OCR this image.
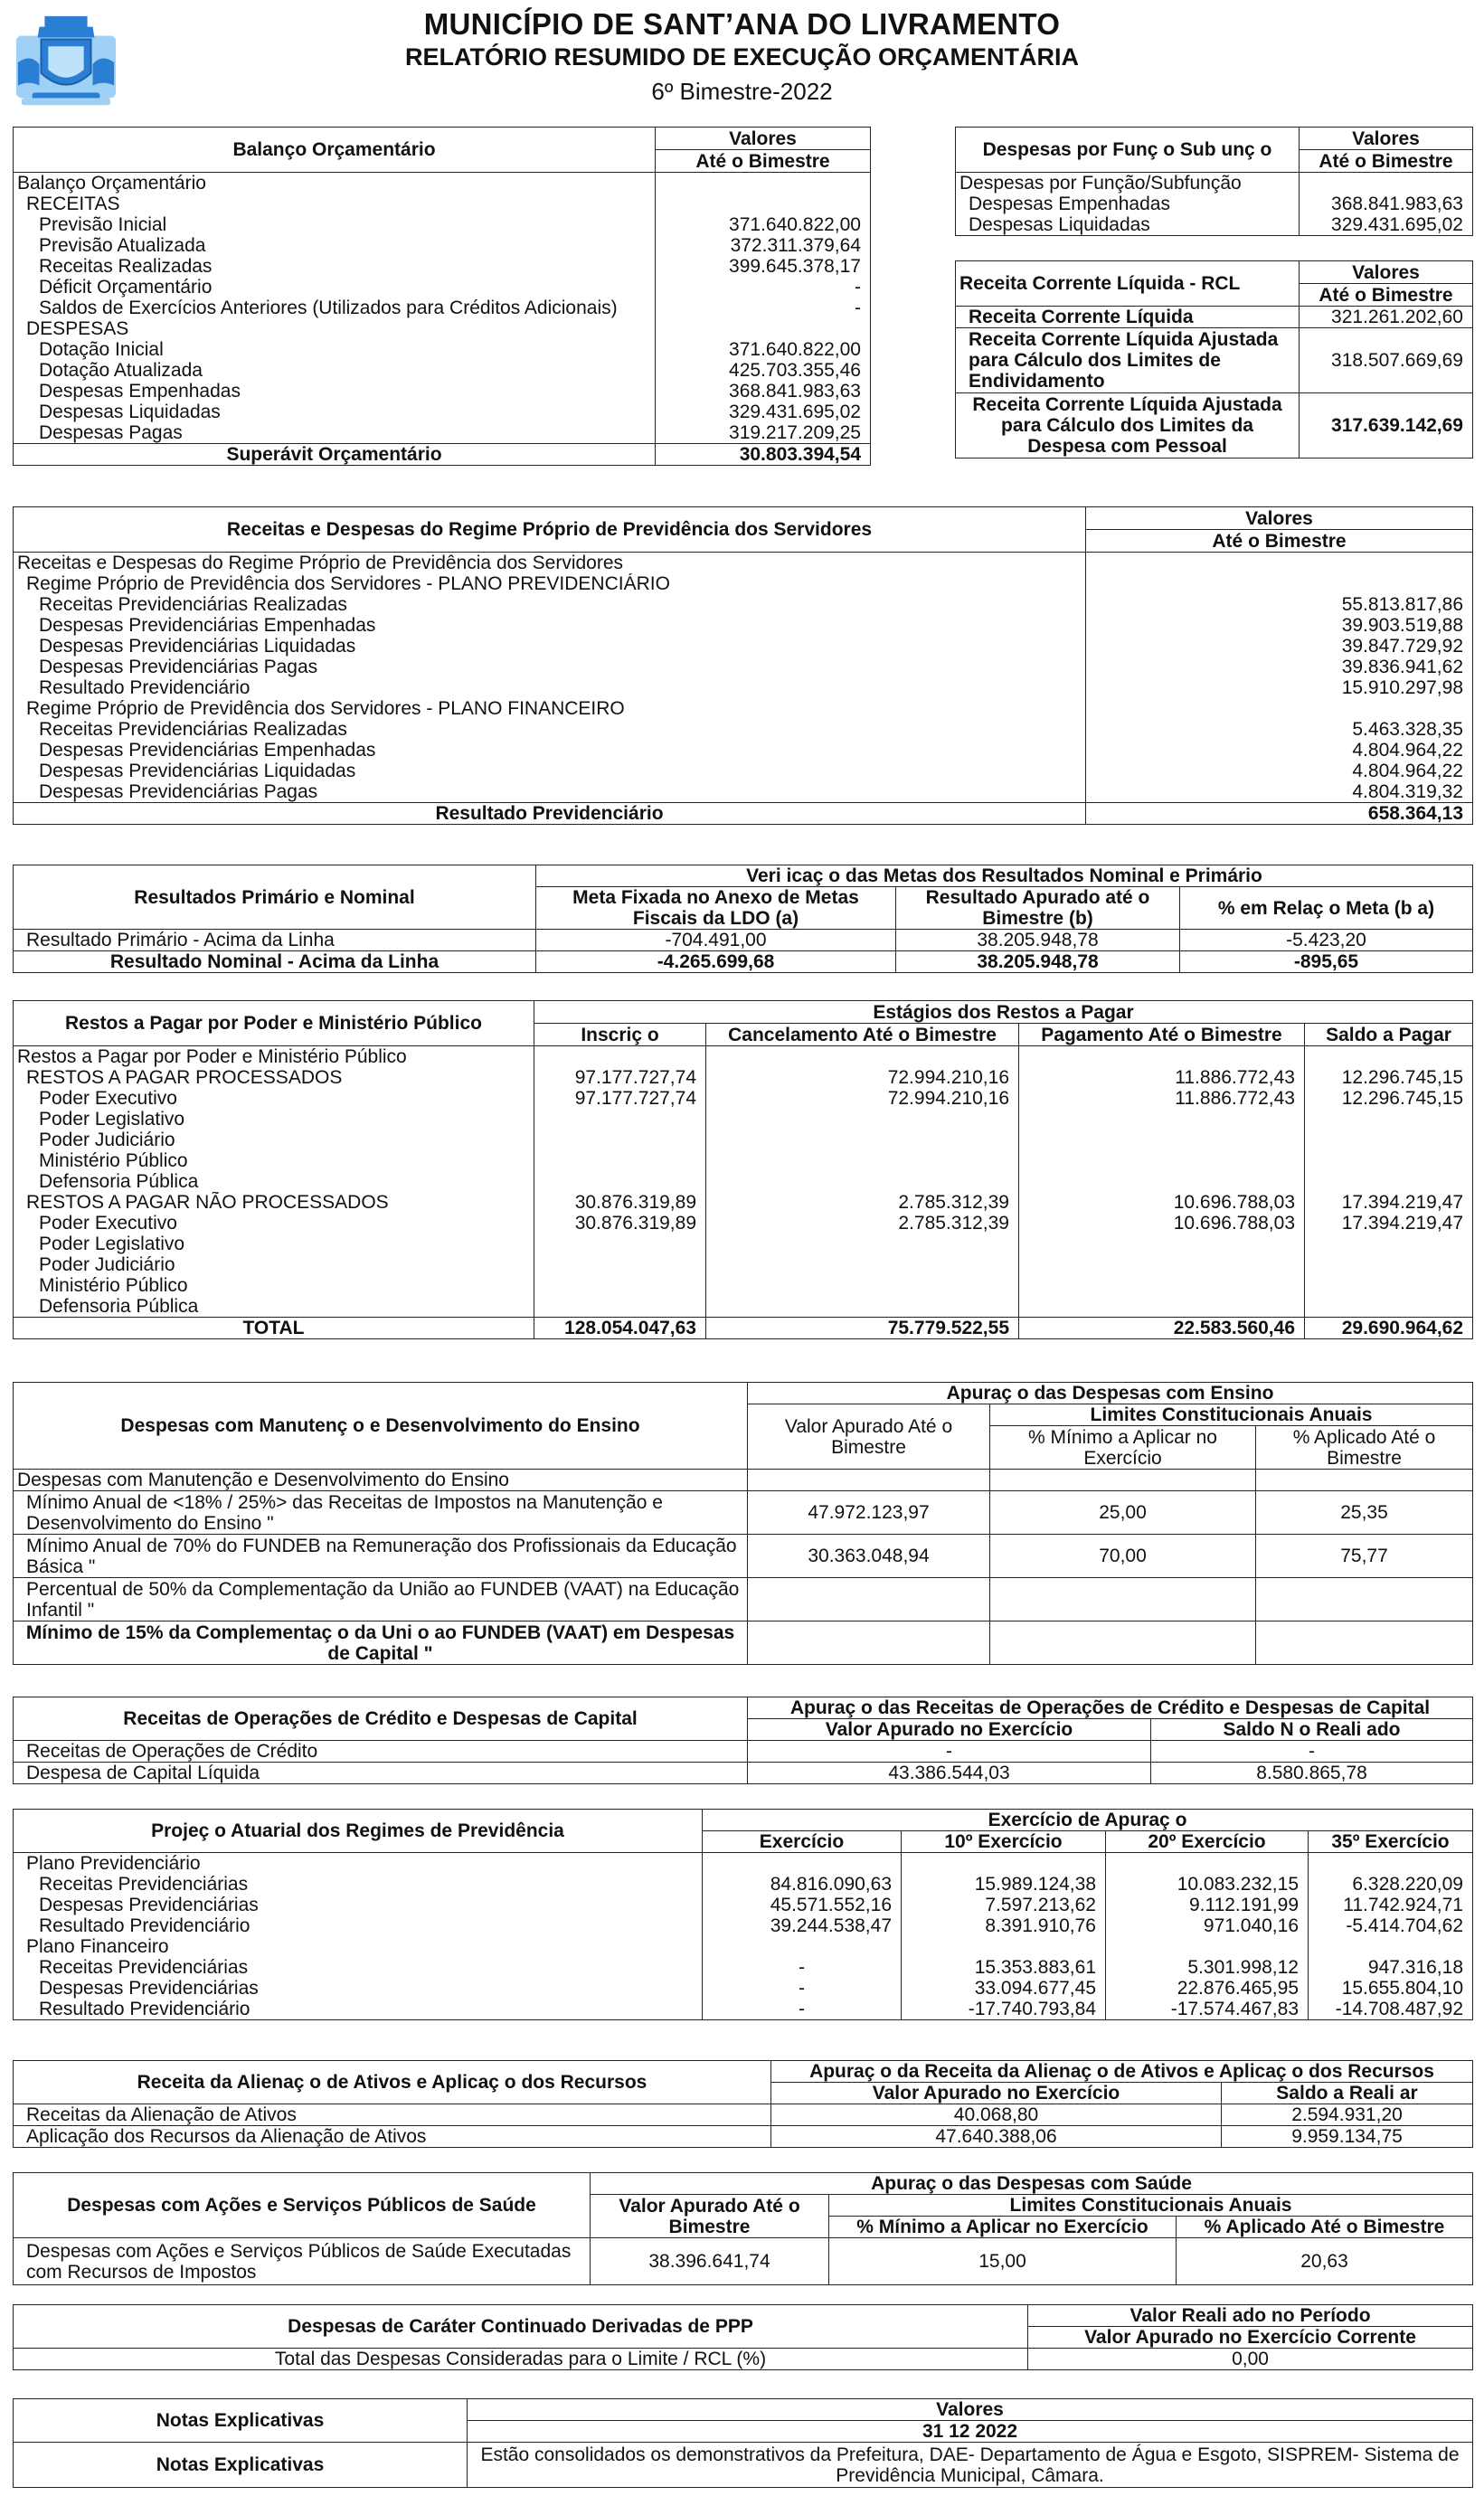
MUNICÍPIO DE SANT’ANA DO LIVRAMENTO
RELATÓRIO RESUMIDO DE EXECUÇÃO ORÇAMENTÁRIA
6º Bimestre-2022
Balanço Orçamentário	Valores
	Até o Bimestre
Balanço Orçamentário	
RECEITAS	
Previsão Inicial	371.640.822,00
Previsão Atualizada	372.311.379,64
Receitas Realizadas	399.645.378,17
Déficit Orçamentário	-
Saldos de Exercícios Anteriores (Utilizados para Créditos Adicionais)	-
DESPESAS	
Dotação Inicial	371.640.822,00
Dotação Atualizada	425.703.355,46
Despesas Empenhadas	368.841.983,63
Despesas Liquidadas	329.431.695,02
Despesas Pagas	319.217.209,25
Superávit Orçamentário	30.803.394,54
Despesas por Funç o Sub unç o	Valores
	Até o Bimestre
Despesas por Função/Subfunção	
Despesas Empenhadas	368.841.983,63
Despesas Liquidadas	329.431.695,02
Receita Corrente Líquida - RCL	Valores
	Até o Bimestre
Receita Corrente Líquida	321.261.202,60
Receita Corrente Líquida Ajustada para Cálculo dos Limites de Endividamento	318.507.669,69
Receita Corrente Líquida Ajustada para Cálculo dos Limites da Despesa com Pessoal	317.639.142,69
Receitas e Despesas do Regime Próprio de Previdência dos Servidores	Valores
	Até o Bimestre
Receitas e Despesas do Regime Próprio de Previdência dos Servidores	
Regime Próprio de Previdência dos Servidores - PLANO PREVIDENCIÁRIO	
Receitas Previdenciárias Realizadas	55.813.817,86
Despesas Previdenciárias Empenhadas	39.903.519,88
Despesas Previdenciárias Liquidadas	39.847.729,92
Despesas Previdenciárias Pagas	39.836.941,62
Resultado Previdenciário	15.910.297,98
Regime Próprio de Previdência dos Servidores - PLANO FINANCEIRO	
Receitas Previdenciárias Realizadas	5.463.328,35
Despesas Previdenciárias Empenhadas	4.804.964,22
Despesas Previdenciárias Liquidadas	4.804.964,22
Despesas Previdenciárias Pagas	4.804.319,32
Resultado Previdenciário	658.364,13
Resultados Primário e Nominal	Veri icaç o das Metas dos Resultados Nominal e Primário		
	Meta Fixada no Anexo de Metas Fiscais da LDO (a)	Resultado Apurado até o Bimestre (b)	% em Relaç o Meta (b a)

Resultado Primário - Acima da Linha	-704.491,00	38.205.948,78	-5.423,20
Resultado Nominal - Acima da Linha	-4.265.699,68	38.205.948,78	-895,65
Restos a Pagar por Poder e Ministério Público	Estágios dos Restos a Pagar			
	Inscriç o	Cancelamento Até o Bimestre	Pagamento Até o Bimestre	Saldo a Pagar
Restos a Pagar por Poder e Ministério Público				
RESTOS A PAGAR PROCESSADOS	97.177.727,74	72.994.210,16	11.886.772,43	12.296.745,15
Poder Executivo	97.177.727,74	72.994.210,16	11.886.772,43	12.296.745,15
Poder Legislativo				
Poder Judiciário				
Ministério Público				
Defensoria Pública				
RESTOS A PAGAR NÃO PROCESSADOS	30.876.319,89	2.785.312,39	10.696.788,03	17.394.219,47
Poder Executivo	30.876.319,89	2.785.312,39	10.696.788,03	17.394.219,47
Poder Legislativo				
Poder Judiciário				
Ministério Público				
Defensoria Pública				
TOTAL	128.054.047,63	75.779.522,55	22.583.560,46	29.690.964,62
Despesas com Manutenç o e Desenvolvimento do Ensino	Apuraç o das Despesas com Ensino		
	Valor Apurado Até o Bimestre	Limites Constitucionais Anuais	
		% Mínimo a Aplicar no Exercício	% Aplicado Até o Bimestre
Despesas com Manutenção e Desenvolvimento do Ensino			
Mínimo Anual de <18% / 25%> das Receitas de Impostos na Manutenção e Desenvolvimento do Ensino "	47.972.123,97	25,00	25,35
Mínimo Anual de 70% do FUNDEB na Remuneração dos Profissionais da Educação Básica "	30.363.048,94	70,00	75,77
Percentual de 50% da Complementação da União ao FUNDEB (VAAT) na Educação Infantil "			
Mínimo de 15% da Complementaç o da Uni o ao FUNDEB (VAAT) em Despesas de Capital "			
Receitas de Operações de Crédito e Despesas de Capital	Apuraç o das Receitas de Operações de Crédito e Despesas de Capital	
	Valor Apurado no Exercício	Saldo N o Reali ado
Receitas de Operações de Crédito	-	-
Despesa de Capital Líquida	43.386.544,03	8.580.865,78
Projeç o Atuarial dos Regimes de Previdência	Exercício de Apuraç o			
	Exercício	10º Exercício	20º Exercício	35º Exercício
Plano Previdenciário				
Receitas Previdenciárias	84.816.090,63	15.989.124,38	10.083.232,15	6.328.220,09
Despesas Previdenciárias	45.571.552,16	7.597.213,62	9.112.191,99	11.742.924,71
Resultado Previdenciário	39.244.538,47	8.391.910,76	971.040,16	-5.414.704,62
Plano Financeiro				
Receitas Previdenciárias	-	15.353.883,61	5.301.998,12	947.316,18
Despesas Previdenciárias	-	33.094.677,45	22.876.465,95	15.655.804,10
Resultado Previdenciário	-	-17.740.793,84	-17.574.467,83	-14.708.487,92
Receita da Alienaç o de Ativos e Aplicaç o dos Recursos	Apuraç o da Receita da Alienaç o de Ativos e Aplicaç o dos Recursos	
	Valor Apurado no Exercício	Saldo a Reali ar
Receitas da Alienação de Ativos	40.068,80	2.594.931,20
Aplicação dos Recursos da Alienação de Ativos	47.640.388,06	9.959.134,75
Despesas com Ações e Serviços Públicos de Saúde	Apuraç o das Despesas com Saúde		
	Valor Apurado Até o Bimestre	Limites Constitucionais Anuais	
		% Mínimo a Aplicar no Exercício	% Aplicado Até o Bimestre
Despesas com Ações e Serviços Públicos de Saúde Executadas com Recursos de Impostos	38.396.641,74	15,00	20,63
Despesas de Caráter Continuado Derivadas de PPP	Valor Reali ado no Período
	Valor Apurado no Exercício Corrente
Total das Despesas Consideradas para o Limite / RCL (%)	0,00
Notas Explicativas	Valores
	31 12 2022
Notas Explicativas	Estão consolidados os demonstrativos da Prefeitura, DAE- Departamento de Água e Esgoto, SISPREM- Sistema de Previdência Municipal, Câmara.
